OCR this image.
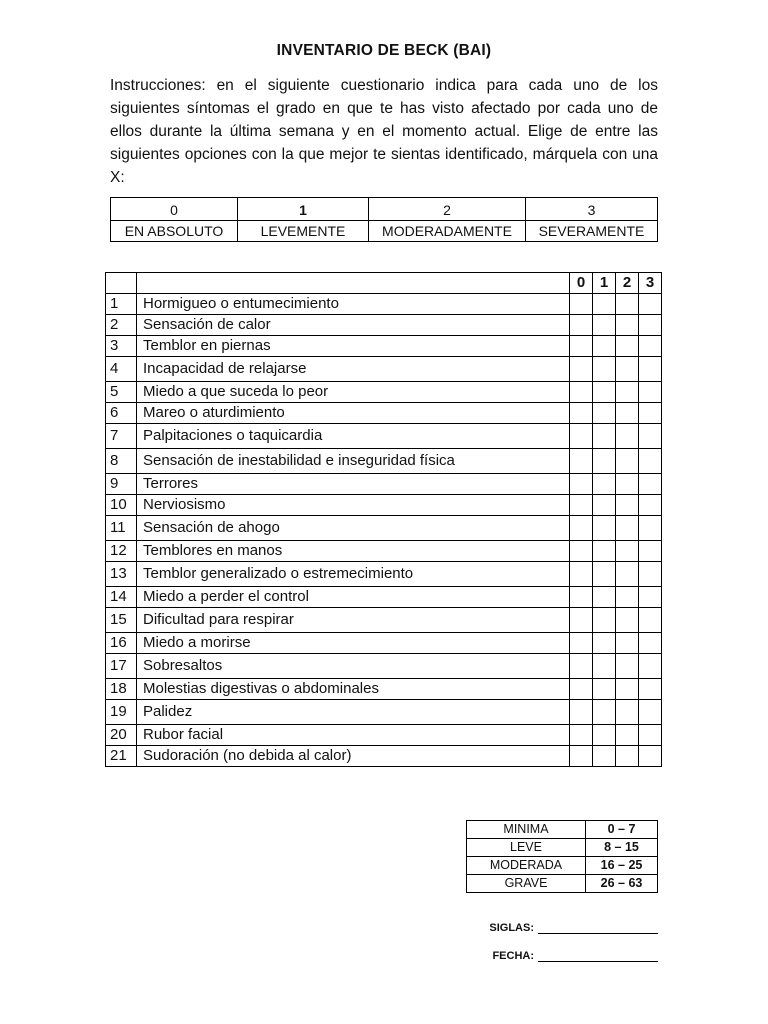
INVENTARIO DE BECK (BAI)
Instrucciones: en el siguiente cuestionario indica para cada uno de los siguientes síntomas el grado en que te has visto afectado por cada uno de ellos durante la última semana y en el momento actual. Elige de entre las siguientes opciones con la que mejor te sientas identificado, márquela con una X:
0	1	2	3
EN ABSOLUTO	LEVEMENTE	MODERADAMENTE	SEVERAMENTE
		0	1	2	3
1	Hormigueo o entumecimiento				
2	Sensación de calor				
3	Temblor en piernas				
4	Incapacidad de relajarse				
5	Miedo a que suceda lo peor				
6	Mareo o aturdimiento				
7	Palpitaciones o taquicardia				
8	Sensación de inestabilidad e inseguridad física				
9	Terrores				
10	Nerviosismo				
11	Sensación de ahogo				
12	Temblores en manos				
13	Temblor generalizado o estremecimiento				
14	Miedo a perder el control				
15	Dificultad para respirar				
16	Miedo a morirse				
17	Sobresaltos				
18	Molestias digestivas o abdominales				
19	Palidez				
20	Rubor facial				
21	Sudoración (no debida al calor)				
MINIMA	0 – 7
LEVE	8 – 15
MODERADA	16 – 25
GRAVE	26 – 63
SIGLAS:
FECHA:
